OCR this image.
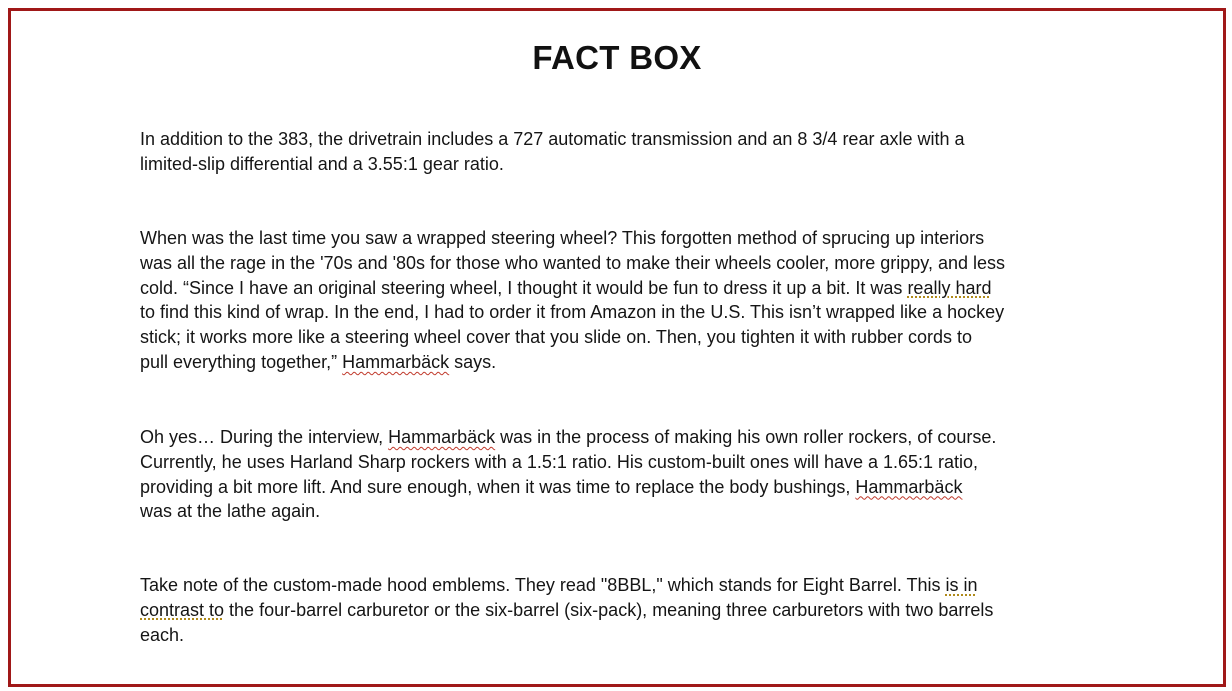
FACT BOX

In addition to the 383, the drivetrain includes a 727 automatic transmission and an 8 3/4 rear axle with a
limited-slip differential and a 3.55:1 gear ratio.

When was the last time you saw a wrapped steering wheel? This forgotten method of sprucing up interiors
was all the rage in the '70s and '80s for those who wanted to make their wheels cooler, more grippy, and less
cold. “Since I have an original steering wheel, I thought it would be fun to dress it up a bit. It was really hard
to find this kind of wrap. In the end, I had to order it from Amazon in the U.S. This isn’t wrapped like a hockey
stick; it works more like a steering wheel cover that you slide on. Then, you tighten it with rubber cords to
pull everything together,” Hammarbäck says.

Oh yes… During the interview, Hammarbäck was in the process of making his own roller rockers, of course.
Currently, he uses Harland Sharp rockers with a 1.5:1 ratio. His custom-built ones will have a 1.65:1 ratio,
providing a bit more lift. And sure enough, when it was time to replace the body bushings, Hammarbäck
was at the lathe again.

Take note of the custom-made hood emblems. They read "8BBL," which stands for Eight Barrel. This is in
contrast to the four-barrel carburetor or the six-barrel (six-pack), meaning three carburetors with two barrels
each.
